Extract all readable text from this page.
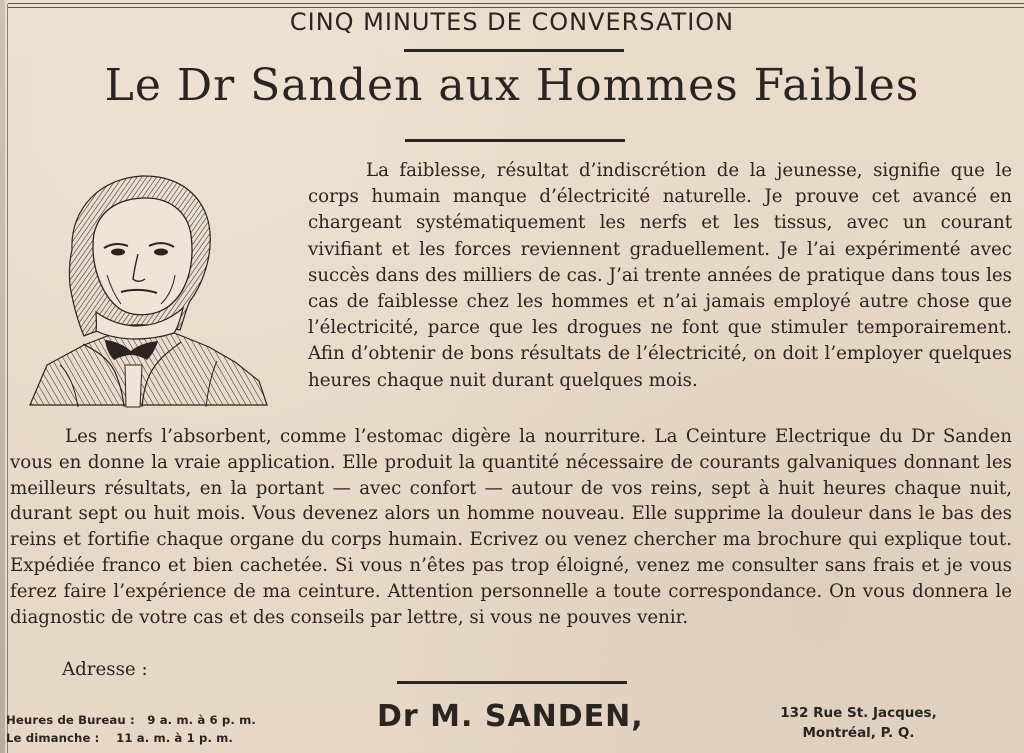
CINQ MINUTES DE CONVERSATION
Le Dr Sanden aux Hommes Faibles

La faiblesse, résultat d’indiscrétion de la jeunesse, signifie que le corps humain manque d’électricité naturelle. Je prouve cet avancé en chargeant systématiquement les nerfs et les tissus, avec un courant vivifiant et les forces reviennent graduellement. Je l’ai expérimenté avec succès dans des milliers de cas. J’ai trente années de pratique dans tous les cas de faiblesse chez les hommes et n’ai jamais employé autre chose que l’électricité, parce que les drogues ne font que stimuler temporairement. Afin d’obtenir de bons résultats de l’électricité, on doit l’employer quelques heures chaque nuit durant quelques mois.

Les nerfs l’absorbent, comme l’estomac digère la nourriture. La Ceinture Electrique du Dr Sanden vous en donne la vraie application. Elle produit la quantité nécessaire de courants galvaniques donnant les meilleurs résultats, en la portant — avec confort — autour de vos reins, sept à huit heures chaque nuit, durant sept ou huit mois. Vous devenez alors un homme nouveau. Elle supprime la douleur dans le bas des reins et fortifie chaque organe du corps humain. Ecrivez ou venez chercher ma brochure qui explique tout. Expédiée franco et bien cachetée. Si vous n’êtes pas trop éloigné, venez me consulter sans frais et je vous ferez faire l’expérience de ma ceinture. Attention personnelle a toute correspondance. On vous donnera le diagnostic de votre cas et des conseils par lettre, si vous ne pouves venir.

Adresse :
Heures de Bureau : 9 a. m. à 6 p. m.
Le dimanche : 11 a. m. à 1 p. m.
Dr M. SANDEN,	132 Rue St. Jacques,
Montréal, P. Q.
